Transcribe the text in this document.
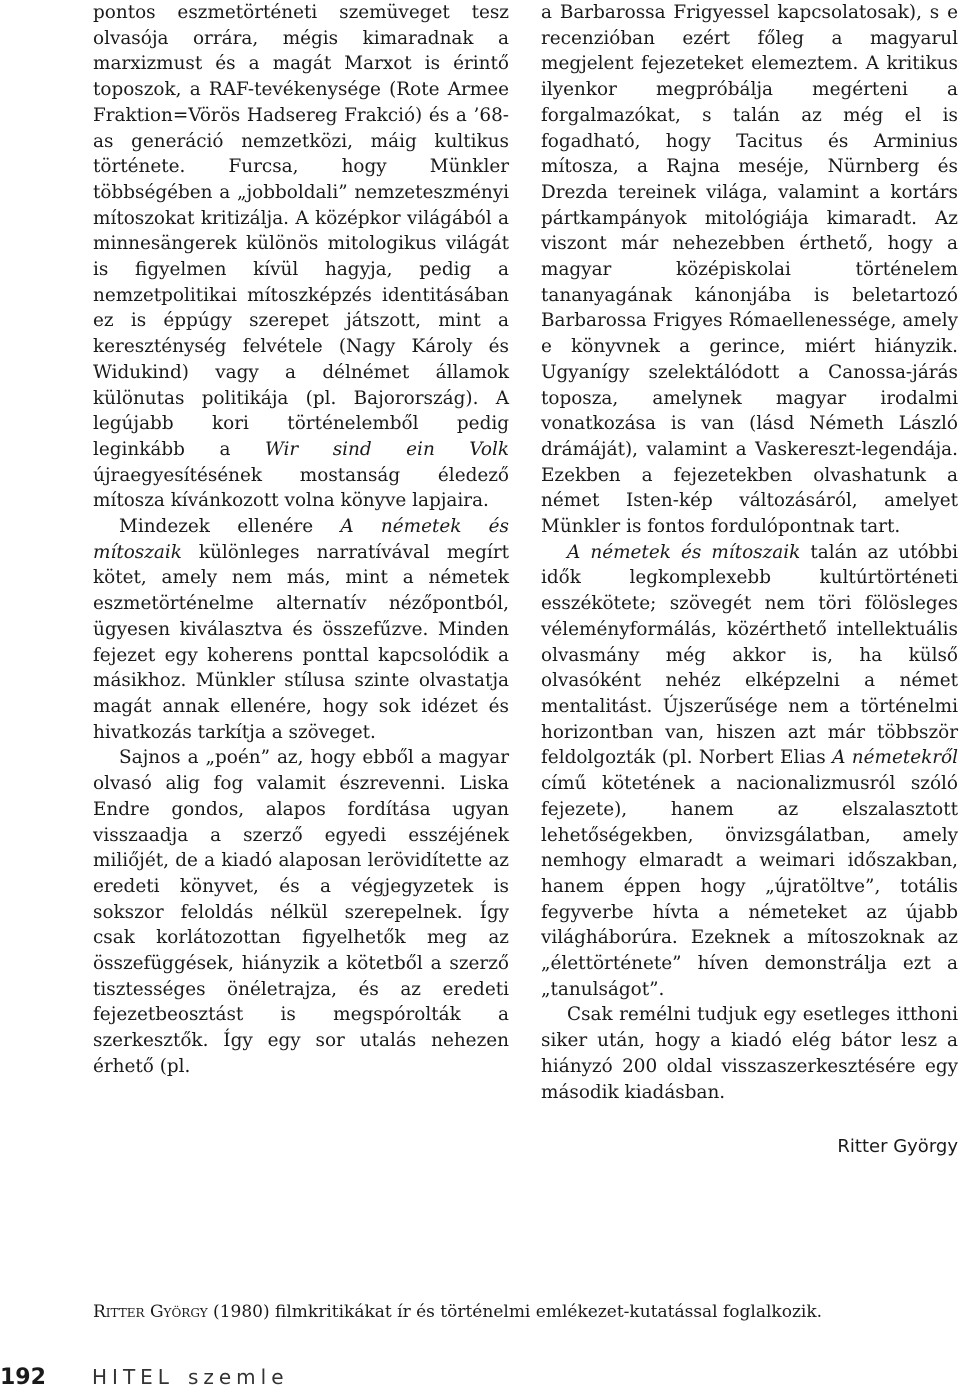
pontos eszmetörténeti szemüveget tesz olvasója orrára, mégis kimaradnak a marxizmust és a magát Marxot is érintő toposzok, a RAF-tevékenysége (Rote Armee Fraktion=Vörös Hadsereg Frakció) és a ’68-as generáció nemzetközi, máig kultikus története. Furcsa, hogy Münkler többségében a „jobboldali” nemzeteszményi mítoszokat kritizálja. A középkor világából a minnesängerek különös mitologikus világát is figyelmen kívül hagyja, pedig a nemzetpolitikai mítoszképzés identitásában ez is éppúgy szerepet játszott, mint a kereszténység felvétele (Nagy Károly és Widukind) vagy a délnémet államok különutas politikája (pl. Bajorország). A legújabb kori történelemből pedig leginkább a Wir sind ein Volk újraegyesítésének mostanság éledező mítosza kívánkozott volna könyve lapjaira.

Mindezek ellenére A németek és mítoszaik különleges narratívával megírt kötet, amely nem más, mint a németek eszmetörténelme alternatív nézőpontból, ügyesen kiválasztva és összefűzve. Minden fejezet egy koherens ponttal kapcsolódik a másikhoz. Münkler stílusa szinte olvastatja magát annak ellenére, hogy sok idézet és hivatkozás tarkítja a szöveget.

Sajnos a „poén” az, hogy ebből a magyar olvasó alig fog valamit észrevenni. Liska Endre gondos, alapos fordítása ugyan visszaadja a szerző egyedi esszéjének miliőjét, de a kiadó alaposan lerövidítette az eredeti könyvet, és a végjegyzetek is sokszor feloldás nélkül szerepelnek. Így csak korlátozottan figyelhetők meg az összefüggések, hiányzik a kötetből a szerző tisztességes önéletrajza, és az eredeti fejezetbeosztást is megspórolták a szerkesztők. Így egy sor utalás nehezen érhető (pl.

a Barbarossa Frigyessel kapcsolatosak), s e recenzióban ezért főleg a magyarul megjelent fejezeteket elemeztem. A kritikus ilyenkor megpróbálja megérteni a forgalmazókat, s talán az még el is fogadható, hogy Tacitus és Arminius mítosza, a Rajna meséje, Nürnberg és Drezda tereinek világa, valamint a kortárs pártkampányok mitológiája kimaradt. Az viszont már nehezebben érthető, hogy a magyar középiskolai történelem tananyagának kánonjába is beletartozó Barbarossa Frigyes Rómaellenessége, amely e könyvnek a gerince, miért hiányzik. Ugyanígy szelektálódott a Canossa-járás toposza, amelynek magyar irodalmi vonatkozása is van (lásd Németh László drámáját), valamint a Vaskereszt-legendája. Ezekben a fejezetekben olvashatunk a német Isten-kép változásáról, amelyet Münkler is fontos fordulópontnak tart.

A németek és mítoszaik talán az utóbbi idők legkomplexebb kultúrtörténeti esszékötete; szövegét nem töri fölösleges véleményformálás, közérthető intellektuális olvasmány még akkor is, ha külső olvasóként nehéz elképzelni a német mentalitást. Újszerűsége nem a történelmi horizontban van, hiszen azt már többször feldolgozták (pl. Norbert Elias A németekről című kötetének a nacionalizmusról szóló fejezete), hanem az elszalasztott lehetőségekben, önvizsgálatban, amely nemhogy elmaradt a weimari időszakban, hanem éppen hogy „újratöltve”, totális fegyverbe hívta a németeket az újabb világháborúra. Ezeknek a mítoszoknak az „élettörténete” híven demonstrálja ezt a „tanulságot”.

Csak remélni tudjuk egy esetleges itthoni siker után, hogy a kiadó elég bátor lesz a hiányzó 200 oldal visszaszerkesztésére egy második kiadásban.

Ritter György
Ritter György (1980) filmkritikákat ír és történelmi emlékezet-kutatással foglalkozik.
192 HITEL szemle
